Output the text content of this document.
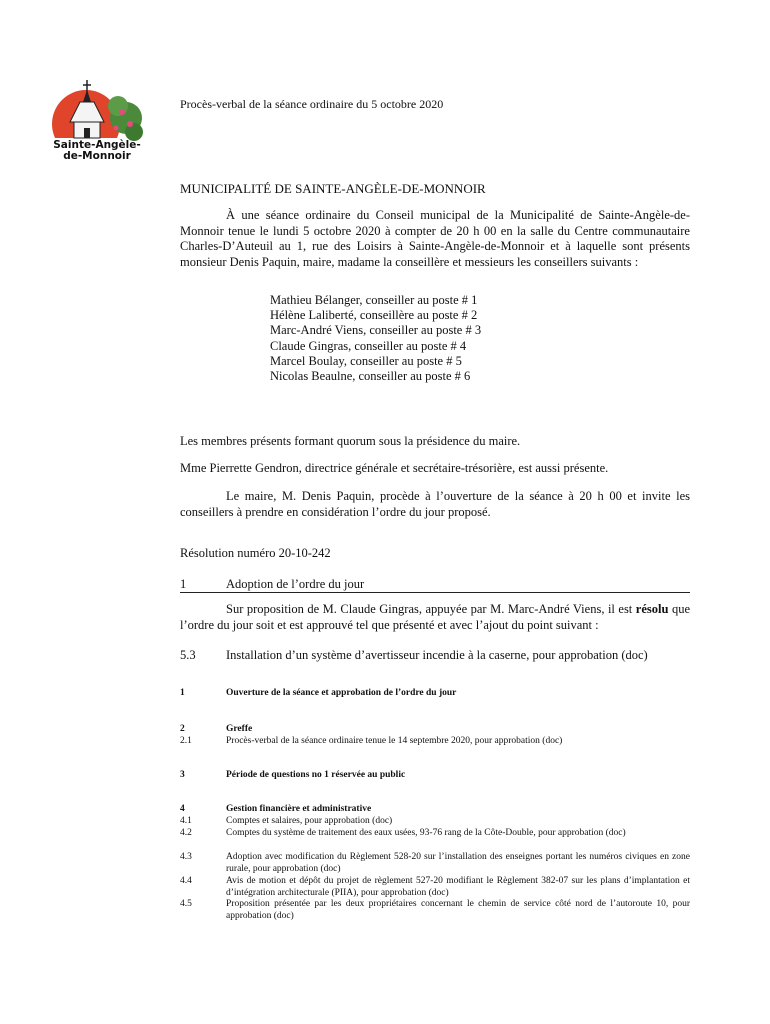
Sainte-Angèle-
de-Monnoir
Procès-verbal de la séance ordinaire du 5 octobre 2020
MUNICIPALITÉ DE SAINTE-ANGÈLE-DE-MONNOIR
À une séance ordinaire du Conseil municipal de la Municipalité de Sainte-Angèle-de-Monnoir tenue le lundi 5 octobre 2020 à compter de 20 h 00 en la salle du Centre communautaire Charles-D’Auteuil au 1, rue des Loisirs à Sainte-Angèle-de-Monnoir et à laquelle sont présents monsieur Denis Paquin, maire, madame la conseillère et messieurs les conseillers suivants :
Mathieu Bélanger, conseiller au poste # 1
Hélène Laliberté, conseillère au poste # 2
Marc-André Viens, conseiller au poste # 3
Claude Gingras, conseiller au poste # 4
Marcel Boulay, conseiller au poste # 5
Nicolas Beaulne, conseiller au poste # 6
Les membres présents formant quorum sous la présidence du maire.
Mme Pierrette Gendron, directrice générale et secrétaire-trésorière, est aussi présente.
Le maire, M. Denis Paquin, procède à l’ouverture de la séance à 20 h 00 et invite les conseillers à prendre en considération l’ordre du jour proposé.
Résolution numéro 20-10-242
1	Adoption de l’ordre du jour
Sur proposition de M. Claude Gingras, appuyée par M. Marc-André Viens, il est résolu que l’ordre du jour soit et est approuvé tel que présenté et avec l’ajout du point suivant :
5.3 Installation d’un système d’avertisseur incendie à la caserne, pour approbation (doc)
1	Ouverture de la séance et approbation de l’ordre du jour
2	Greffe
2.1	Procès-verbal de la séance ordinaire tenue le 14 septembre 2020, pour approbation (doc)
3	Période de questions no 1 réservée au public
4	Gestion financière et administrative
4.1	Comptes et salaires, pour approbation (doc)
4.2	Comptes du système de traitement des eaux usées, 93-76 rang de la Côte-Double, pour approbation (doc)
4.3	Adoption avec modification du Règlement 528-20 sur l’installation des enseignes portant les numéros civiques en zone rurale, pour approbation (doc)
4.4	Avis de motion et dépôt du projet de règlement 527-20 modifiant le Règlement 382-07 sur les plans d’implantation et d’intégration architecturale (PIIA), pour approbation (doc)
4.5	Proposition présentée par les deux propriétaires concernant le chemin de service côté nord de l’autoroute 10, pour approbation (doc)
